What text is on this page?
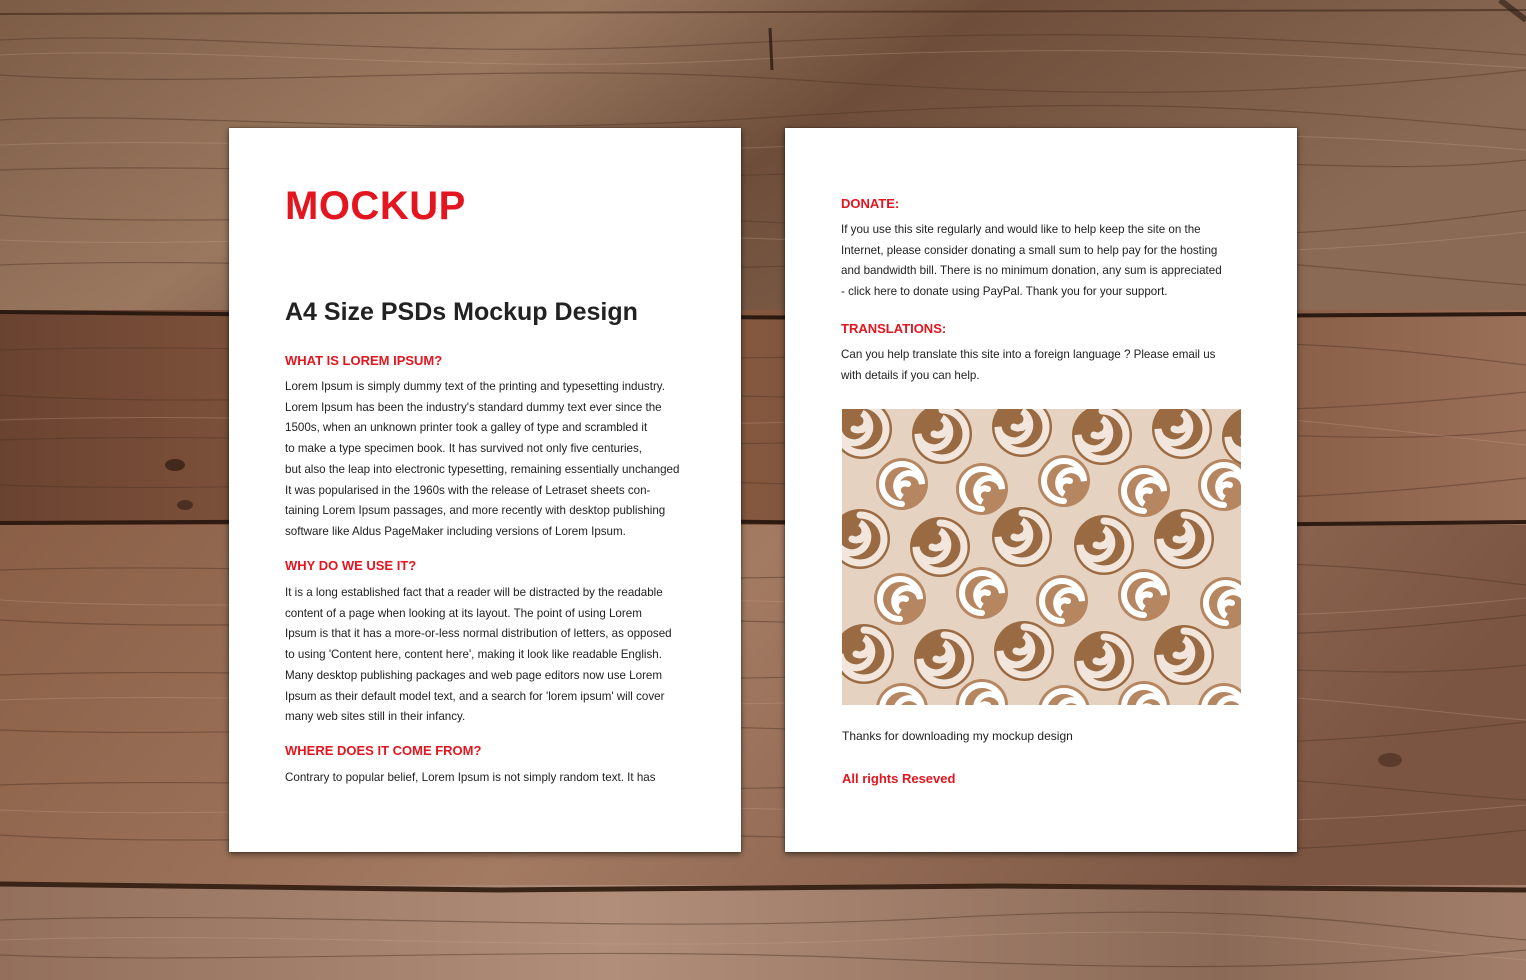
MOCKUP
A4 Size PSDs Mockup Design
WHAT IS LOREM IPSUM?

Lorem Ipsum is simply dummy text of the printing and typesetting industry.
Lorem Ipsum has been the industry's standard dummy text ever since the
1500s, when an unknown printer took a galley of type and scrambled it
to make a type specimen book. It has survived not only five centuries,
but also the leap into electronic typesetting, remaining essentially unchanged
It was popularised in the 1960s with the release of Letraset sheets con-
taining Lorem Ipsum passages, and more recently with desktop publishing
software like Aldus PageMaker including versions of Lorem Ipsum.

WHY DO WE USE IT?

It is a long established fact that a reader will be distracted by the readable
content of a page when looking at its layout. The point of using Lorem
Ipsum is that it has a more-or-less normal distribution of letters, as opposed
to using 'Content here, content here', making it look like readable English.
Many desktop publishing packages and web page editors now use Lorem
Ipsum as their default model text, and a search for 'lorem ipsum' will cover
many web sites still in their infancy.

WHERE DOES IT COME FROM?

Contrary to popular belief, Lorem Ipsum is not simply random text. It has

DONATE:

If you use this site regularly and would like to help keep the site on the
Internet, please consider donating a small sum to help pay for the hosting
and bandwidth bill. There is no minimum donation, any sum is appreciated
- click here to donate using PayPal. Thank you for your support.

TRANSLATIONS:

Can you help translate this site into a foreign language ? Please email us
with details if you can help.

Thanks for downloading my mockup design

All rights Reseved
